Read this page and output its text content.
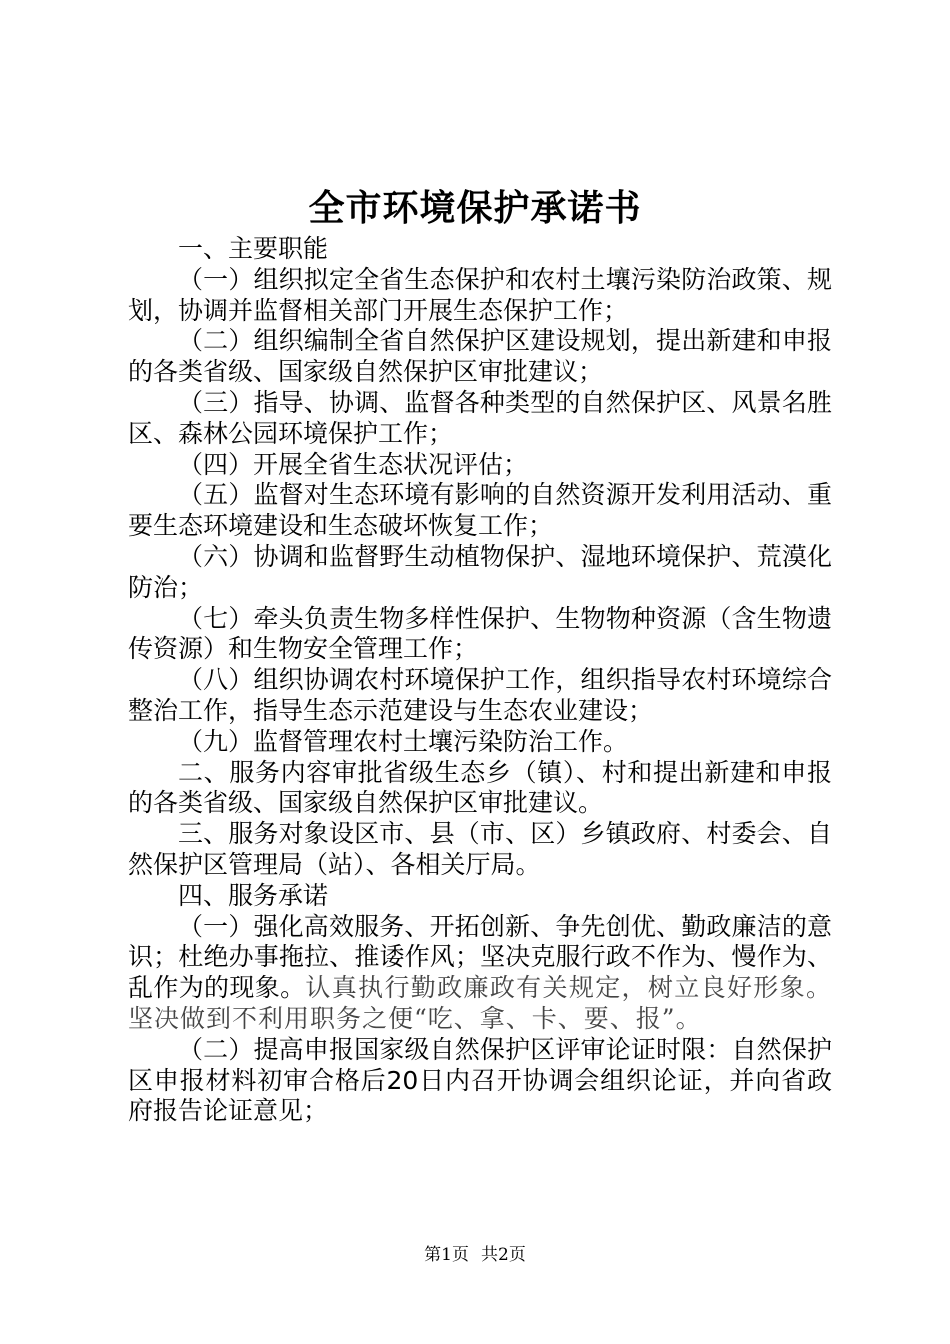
全市环境保护承诺书

一、主要职能

（一）组织拟定全省生态保护和农村土壤污染防治政策、规划，协调并监督相关部门开展生态保护工作；

（二）组织编制全省自然保护区建设规划，提出新建和申报的各类省级、国家级自然保护区审批建议；

（三）指导、协调、监督各种类型的自然保护区、风景名胜区、森林公园环境保护工作；

（四）开展全省生态状况评估；

（五）监督对生态环境有影响的自然资源开发利用活动、重要生态环境建设和生态破坏恢复工作；

（六）协调和监督野生动植物保护、湿地环境保护、荒漠化防治；

（七）牵头负责生物多样性保护、生物物种资源（含生物遗传资源）和生物安全管理工作；

（八）组织协调农村环境保护工作，组织指导农村环境综合整治工作，指导生态示范建设与生态农业建设；

（九）监督管理农村土壤污染防治工作。

二、服务内容审批省级生态乡（镇）、村和提出新建和申报的各类省级、国家级自然保护区审批建议。

三、服务对象设区市、县（市、区）乡镇政府、村委会、自然保护区管理局（站）、各相关厅局。

四、服务承诺

（一）强化高效服务、开拓创新、争先创优、勤政廉洁的意识；杜绝办事拖拉、推诿作风；坚决克服行政不作为、慢作为、乱作为的现象。认真执行勤政廉政有关规定，树立良好形象。坚决做到不利用职务之便“吃、拿、卡、要、报”。

（二）提高申报国家级自然保护区评审论证时限：自然保护区申报材料初审合格后20日内召开协调会组织论证，并向省政府报告论证意见；

第1页 共2页
